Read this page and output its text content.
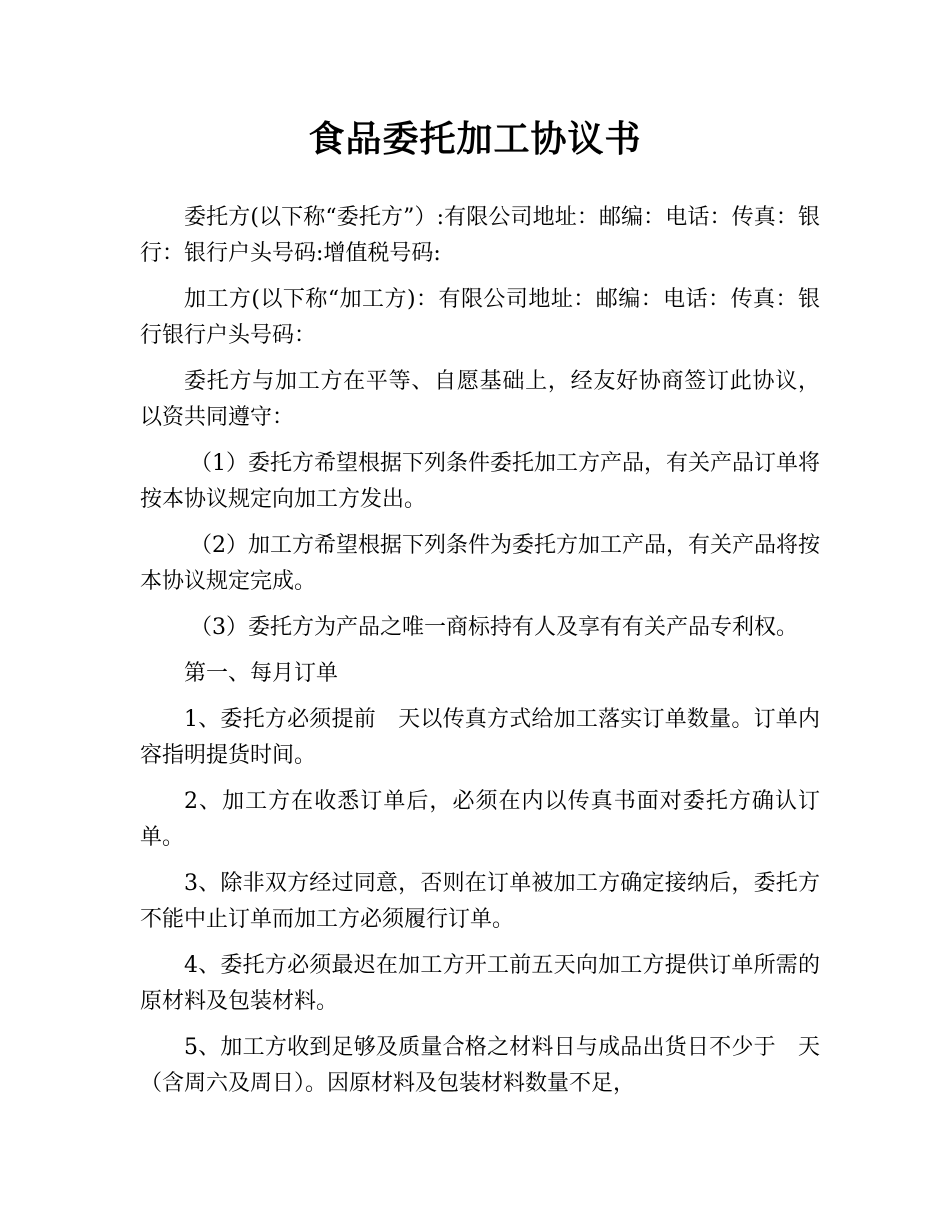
食品委托加工协议书

委托方(以下称“委托方”）:有限公司地址：邮编：电话：传真：银行：银行户头号码:增值税号码:

加工方(以下称“加工方)：有限公司地址：邮编：电话：传真：银行银行户头号码：

委托方与加工方在平等、自愿基础上，经友好协商签订此协议，以资共同遵守：

（1）委托方希望根据下列条件委托加工方产品，有关产品订单将按本协议规定向加工方发出。

（2）加工方希望根据下列条件为委托方加工产品，有关产品将按本协议规定完成。

（3）委托方为产品之唯一商标持有人及享有有关产品专利权。

第一、每月订单

1、委托方必须提前　天以传真方式给加工落实订单数量。订单内容指明提货时间。

2、加工方在收悉订单后，必须在内以传真书面对委托方确认订单。

3、除非双方经过同意，否则在订单被加工方确定接纳后，委托方不能中止订单而加工方必须履行订单。

4、委托方必须最迟在加工方开工前五天向加工方提供订单所需的原材料及包装材料。

5、加工方收到足够及质量合格之材料日与成品出货日不少于　天（含周六及周日）。因原材料及包装材料数量不足，
